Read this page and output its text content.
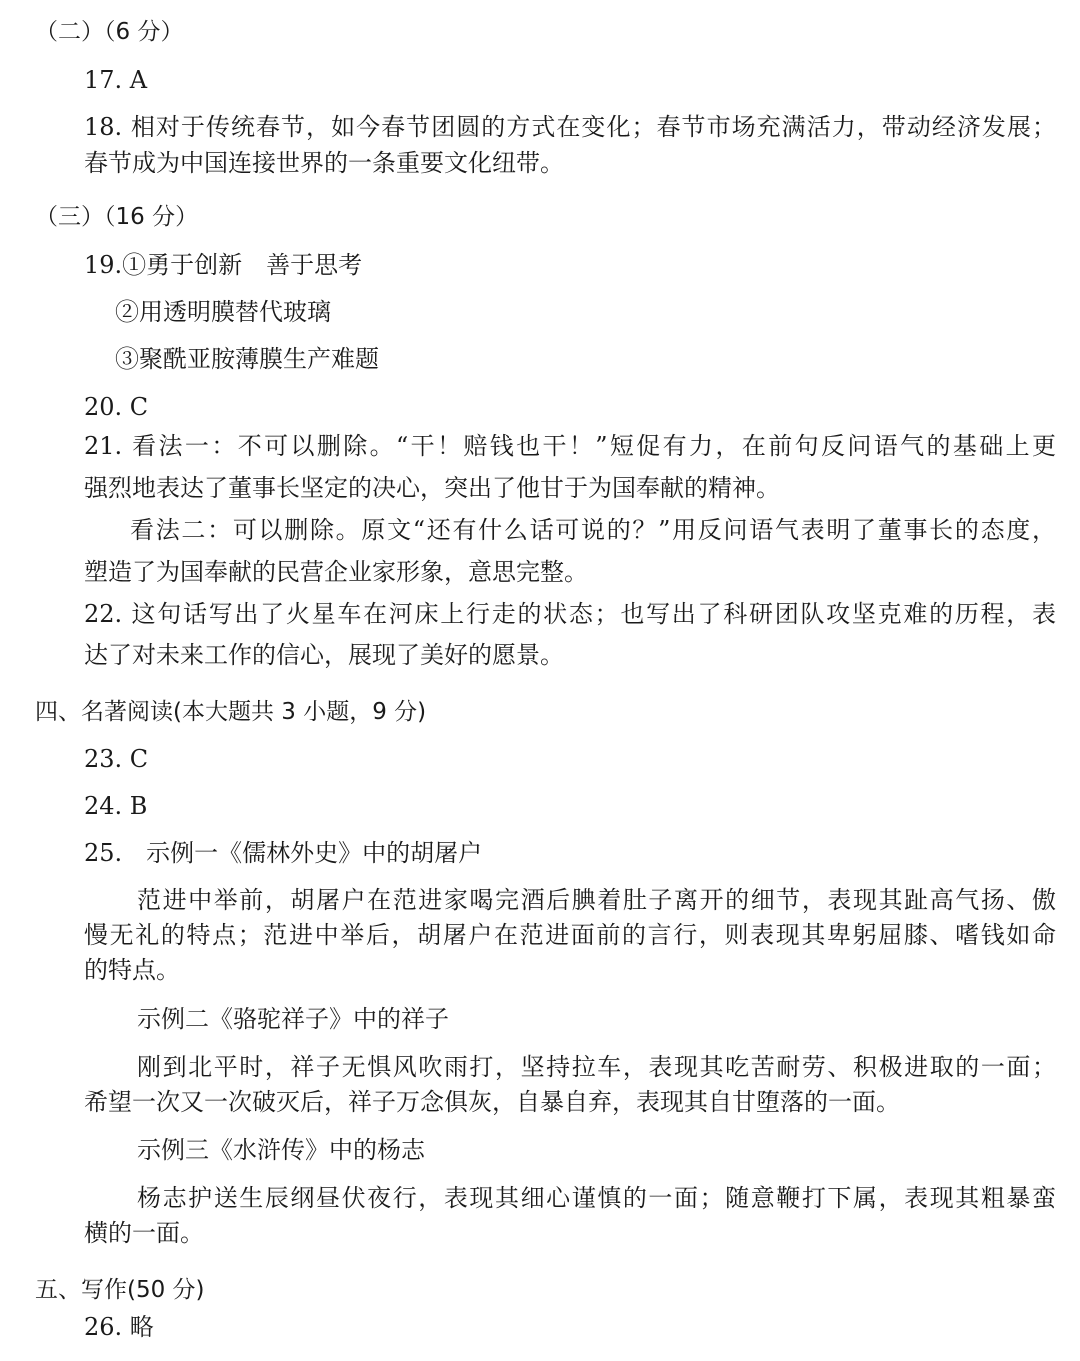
（二）（6 分）
17. A
18. 相对于传统春节，如今春节团圆的方式在变化；春节市场充满活力，带动经济发展；
春节成为中国连接世界的一条重要文化纽带。
（三）（16 分）
19.①勇于创新　善于思考
②用透明膜替代玻璃
③聚酰亚胺薄膜生产难题
20. C
21. 看法一：不可以删除。“干！赔钱也干！”短促有力，在前句反问语气的基础上更
强烈地表达了董事长坚定的决心，突出了他甘于为国奉献的精神。
看法二：可以删除。原文“还有什么话可说的？”用反问语气表明了董事长的态度，
塑造了为国奉献的民营企业家形象，意思完整。
22. 这句话写出了火星车在河床上行走的状态；也写出了科研团队攻坚克难的历程，表
达了对未来工作的信心，展现了美好的愿景。
四、名著阅读(本大题共 3 小题，9 分)
23. C
24. B
25.　示例一《儒林外史》中的胡屠户
范进中举前，胡屠户在范进家喝完酒后腆着肚子离开的细节，表现其趾高气扬、傲
慢无礼的特点；范进中举后，胡屠户在范进面前的言行，则表现其卑躬屈膝、嗜钱如命
的特点。
示例二《骆驼祥子》中的祥子
刚到北平时，祥子无惧风吹雨打，坚持拉车，表现其吃苦耐劳、积极进取的一面；
希望一次又一次破灭后，祥子万念俱灰，自暴自弃，表现其自甘堕落的一面。
示例三《水浒传》中的杨志
杨志护送生辰纲昼伏夜行，表现其细心谨慎的一面；随意鞭打下属，表现其粗暴蛮
横的一面。
五、写作(50 分)
26. 略
